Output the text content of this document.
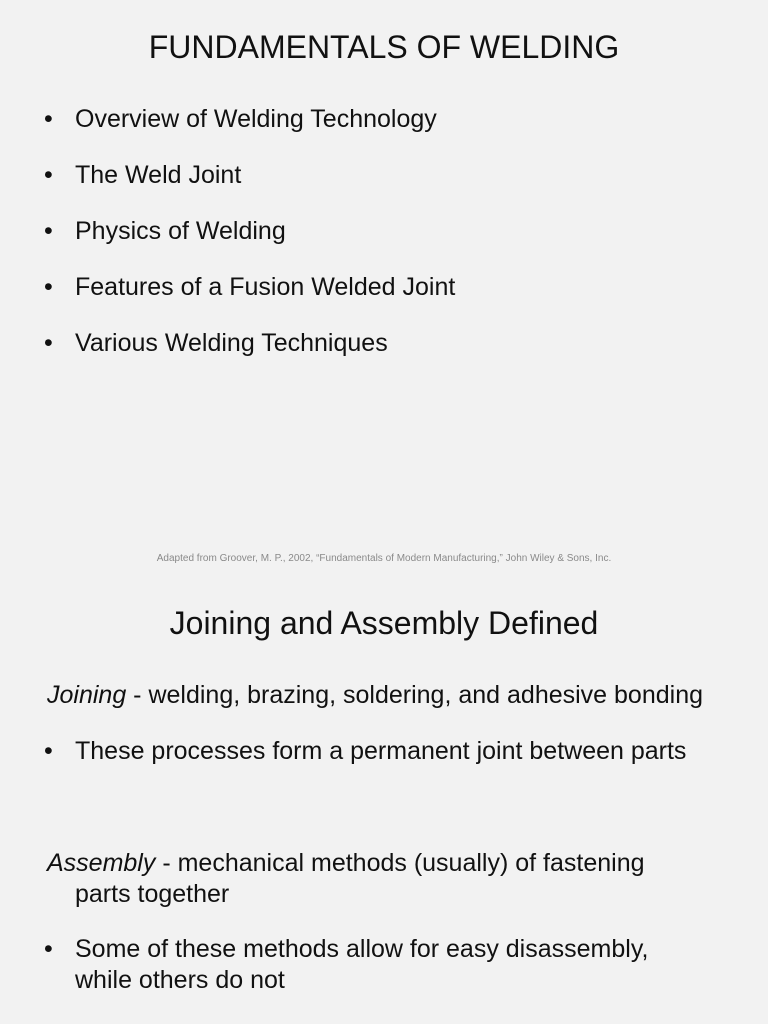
FUNDAMENTALS OF WELDING
• Overview of Welding Technology
• The Weld Joint
• Physics of Welding
• Features of a Fusion Welded Joint
• Various Welding Techniques
Adapted from Groover, M. P., 2002, “Fundamentals of Modern Manufacturing,” John Wiley & Sons, Inc.
Joining and Assembly Defined
Joining - welding, brazing, soldering, and adhesive bonding
• These processes form a permanent joint between parts
Assembly - mechanical methods (usually) of fastening
parts together
• Some of these methods allow for easy disassembly,
while others do not
